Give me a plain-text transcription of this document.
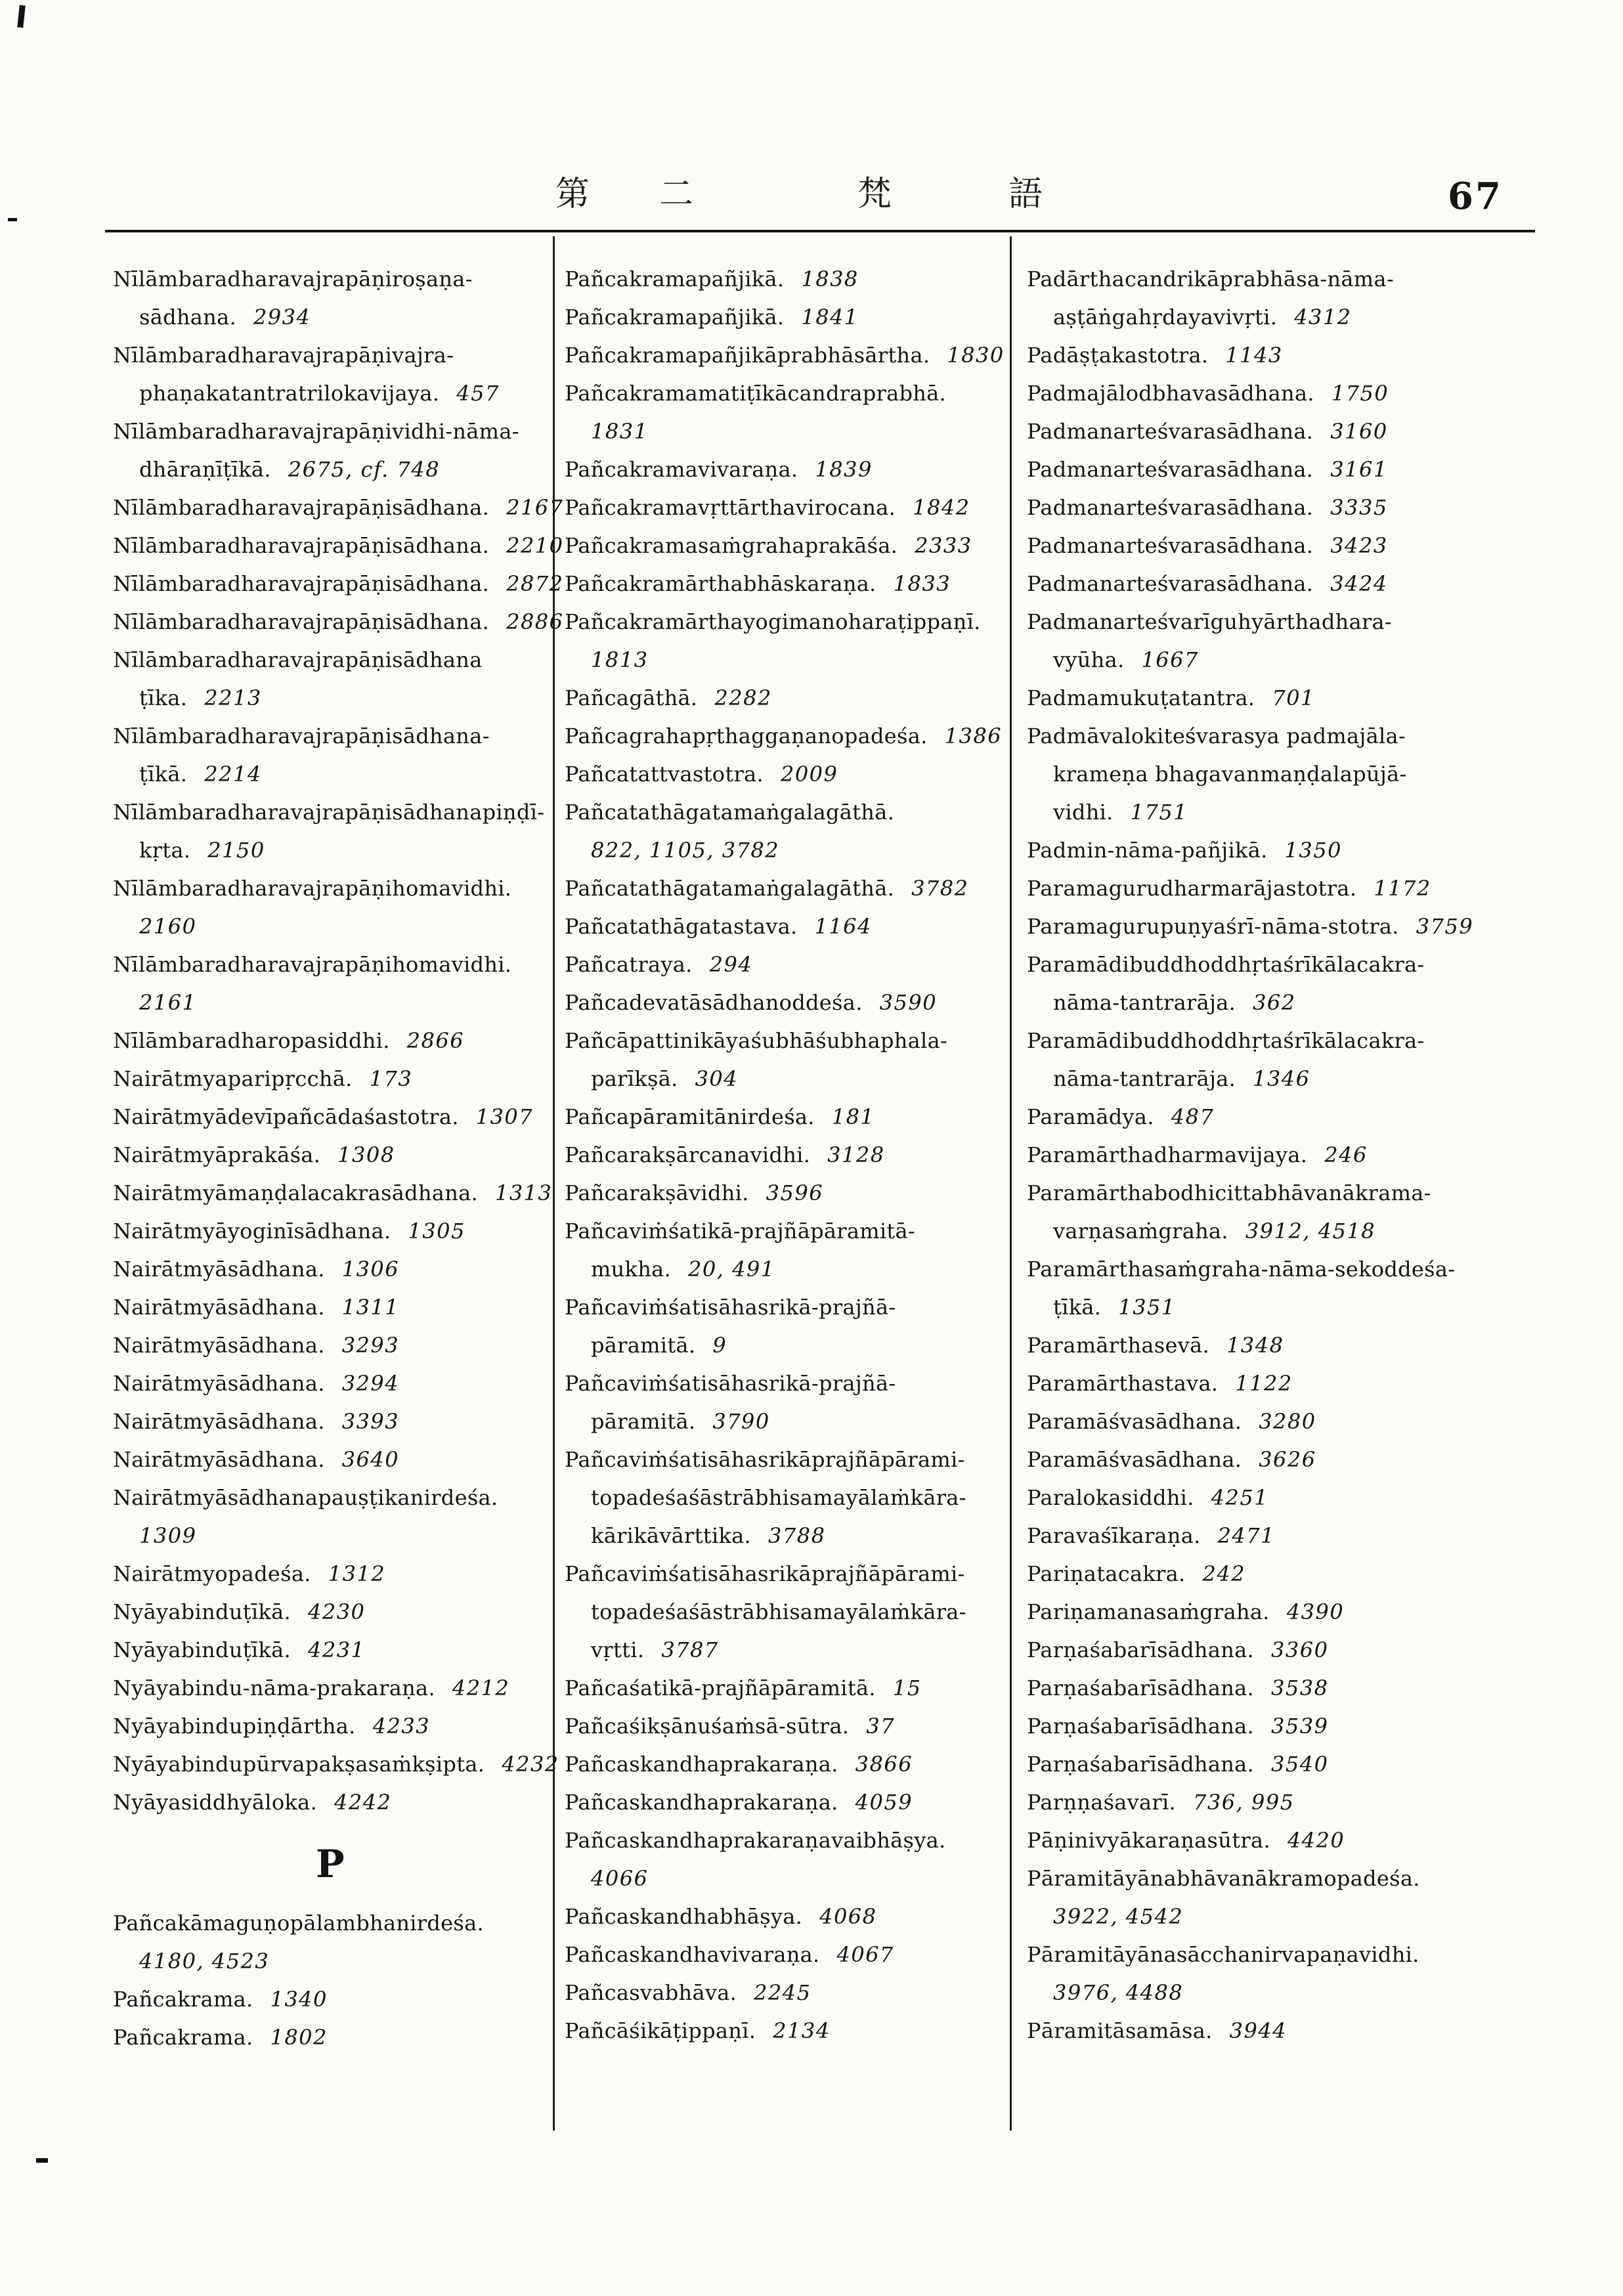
第 二	梵	語	67
Nīlāmbaradharavajrapāṇiroṣaṇa-
sādhana. 2934
Nīlāmbaradharavajrapāṇivajra-
phaṇakatantratrilokavijaya. 457
Nīlāmbaradharavajrapāṇividhi-nāma-
dhāraṇīṭīkā. 2675, cf. 748
Nīlāmbaradharavajrapāṇisādhana. 2167
Nīlāmbaradharavajrapāṇisādhana. 2210
Nīlāmbaradharavajrapāṇisādhana. 2872
Nīlāmbaradharavajrapāṇisādhana. 2886
Nīlāmbaradharavajrapāṇisādhana
ṭīka. 2213
Nīlāmbaradharavajrapāṇisādhana-
ṭīkā. 2214
Nīlāmbaradharavajrapāṇisādhanapiṇḍī-
kṛta. 2150
Nīlāmbaradharavajrapāṇihomavidhi.
2160
Nīlāmbaradharavajrapāṇihomavidhi.
2161
Nīlāmbaradharopasiddhi. 2866
Nairātmyaparipṛcchā. 173
Nairātmyādevīpañcādaśastotra. 1307
Nairātmyāprakāśa. 1308
Nairātmyāmaṇḍalacakrasādhana. 1313
Nairātmyāyoginīsādhana. 1305
Nairātmyāsādhana. 1306
Nairātmyāsādhana. 1311
Nairātmyāsādhana. 3293
Nairātmyāsādhana. 3294
Nairātmyāsādhana. 3393
Nairātmyāsādhana. 3640
Nairātmyāsādhanapauṣṭikanirdeśa.
1309
Nairātmyopadeśa. 1312
Nyāyabinduṭīkā. 4230
Nyāyabinduṭīkā. 4231
Nyāyabindu-nāma-prakaraṇa. 4212
Nyāyabindupiṇḍārtha. 4233
Nyāyabindupūrvapakṣasaṁkṣipta. 4232
Nyāyasiddhyāloka. 4242
P
Pañcakāmaguṇopālambhanirdeśa.
4180, 4523
Pañcakrama. 1340
Pañcakrama. 1802
Pañcakramapañjikā. 1838
Pañcakramapañjikā. 1841
Pañcakramapañjikāprabhāsārtha. 1830
Pañcakramamatiṭīkācandraprabhā.
1831
Pañcakramavivaraṇa. 1839
Pañcakramavṛttārthavirocana. 1842
Pañcakramasaṁgrahaprakāśa. 2333
Pañcakramārthabhāskaraṇa. 1833
Pañcakramārthayogimanoharaṭippaṇī.
1813
Pañcagāthā. 2282
Pañcagrahapṛthaggaṇanopadeśa. 1386
Pañcatattvastotra. 2009
Pañcatathāgatamaṅgalagāthā.
822, 1105, 3782
Pañcatathāgatamaṅgalagāthā. 3782
Pañcatathāgatastava. 1164
Pañcatraya. 294
Pañcadevatāsādhanoddeśa. 3590
Pañcāpattinikāyaśubhāśubhaphala-
parīkṣā. 304
Pañcapāramitānirdeśa. 181
Pañcarakṣārcanavidhi. 3128
Pañcarakṣāvidhi. 3596
Pañcaviṁśatikā-prajñāpāramitā-
mukha. 20, 491
Pañcaviṁśatisāhasrikā-prajñā-
pāramitā. 9
Pañcaviṁśatisāhasrikā-prajñā-
pāramitā. 3790
Pañcaviṁśatisāhasrikāprajñāpārami-
topadeśaśāstrābhisamayālaṁkāra-
kārikāvārttika. 3788
Pañcaviṁśatisāhasrikāprajñāpārami-
topadeśaśāstrābhisamayālaṁkāra-
vṛtti. 3787
Pañcaśatikā-prajñāpāramitā. 15
Pañcaśikṣānuśaṁsā-sūtra. 37
Pañcaskandhaprakaraṇa. 3866
Pañcaskandhaprakaraṇa. 4059
Pañcaskandhaprakaraṇavaibhāṣya.
4066
Pañcaskandhabhāṣya. 4068
Pañcaskandhavivaraṇa. 4067
Pañcasvabhāva. 2245
Pañcāśikāṭippaṇī. 2134
Padārthacandrikāprabhāsa-nāma-
aṣṭāṅgahṛdayavivṛti. 4312
Padāṣṭakastotra. 1143
Padmajālodbhavasādhana. 1750
Padmanarteśvarasādhana. 3160
Padmanarteśvarasādhana. 3161
Padmanarteśvarasādhana. 3335
Padmanarteśvarasādhana. 3423
Padmanarteśvarasādhana. 3424
Padmanarteśvarīguhyārthadhara-
vyūha. 1667
Padmamukuṭatantra. 701
Padmāvalokiteśvarasya padmajāla-
krameṇa bhagavanmaṇḍalapūjā-
vidhi. 1751
Padmin-nāma-pañjikā. 1350
Paramagurudharmarājastotra. 1172
Paramagurupuṇyaśrī-nāma-stotra. 3759
Paramādibuddhoddhṛtaśrīkālacakra-
nāma-tantrarāja. 362
Paramādibuddhoddhṛtaśrīkālacakra-
nāma-tantrarāja. 1346
Paramādya. 487
Paramārthadharmavijaya. 246
Paramārthabodhicittabhāvanākrama-
varṇasaṁgraha. 3912, 4518
Paramārthasaṁgraha-nāma-sekoddeśa-
ṭīkā. 1351
Paramārthasevā. 1348
Paramārthastava. 1122
Paramāśvasādhana. 3280
Paramāśvasādhana. 3626
Paralokasiddhi. 4251
Paravaśīkaraṇa. 2471
Pariṇatacakra. 242
Pariṇamanasaṁgraha. 4390
Parṇaśabarīsādhana. 3360
Parṇaśabarīsādhana. 3538
Parṇaśabarīsādhana. 3539
Parṇaśabarīsādhana. 3540
Parṇṇaśavarī. 736, 995
Pāṇinivyākaraṇasūtra. 4420
Pāramitāyānabhāvanākramopadeśa.
3922, 4542
Pāramitāyānasācchanirvapaṇavidhi.
3976, 4488
Pāramitāsamāsa. 3944
